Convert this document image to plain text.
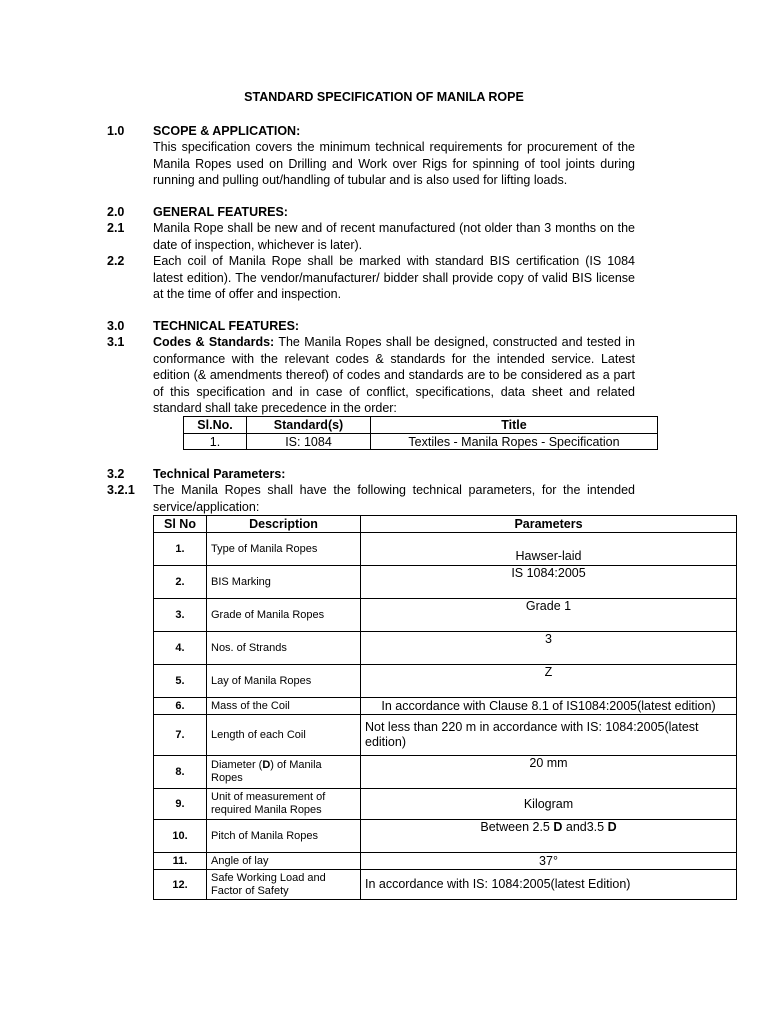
STANDARD SPECIFICATION OF MANILA ROPE
1.0 SCOPE & APPLICATION:
This specification covers the minimum technical requirements for procurement of the Manila Ropes used on Drilling and Work over Rigs for spinning of tool joints during running and pulling out/handling of tubular and is also used for lifting loads.
2.0 GENERAL FEATURES:
2.1 Manila Rope shall be new and of recent manufactured (not older than 3 months on the date of inspection, whichever is later).
2.2 Each coil of Manila Rope shall be marked with standard BIS certification (IS 1084 latest edition). The vendor/manufacturer/ bidder shall provide copy of valid BIS license at the time of offer and inspection.
3.0 TECHNICAL FEATURES:
3.1 Codes & Standards: The Manila Ropes shall be designed, constructed and tested in conformance with the relevant codes & standards for the intended service. Latest edition (& amendments thereof) of codes and standards are to be considered as a part of this specification and in case of conflict, specifications, data sheet and related standard shall take precedence in the order:
Sl.No.	Standard(s)	Title
1.	IS: 1084	Textiles - Manila Ropes - Specification
3.2 Technical Parameters:
3.2.1 The Manila Ropes shall have the following technical parameters, for the intended service/application:
Sl No	Description	Parameters
1.	Type of Manila Ropes	Hawser-laid
2.	BIS Marking	IS 1084:2005
3.	Grade of Manila Ropes	Grade 1
4.	Nos. of Strands	3
5.	Lay of Manila Ropes	Z
6.	Mass of the Coil	In accordance with Clause 8.1 of IS1084:2005(latest edition)
7.	Length of each Coil	Not less than 220 m in accordance with IS: 1084:2005(latest edition)
8.	Diameter (D) of Manila Ropes	20 mm
9.	Unit of measurement of required Manila Ropes	Kilogram
10.	Pitch of Manila Ropes	Between 2.5 D and3.5 D
11.	Angle of lay	37°
12.	Safe Working Load and Factor of Safety	In accordance with IS: 1084:2005(latest Edition)
